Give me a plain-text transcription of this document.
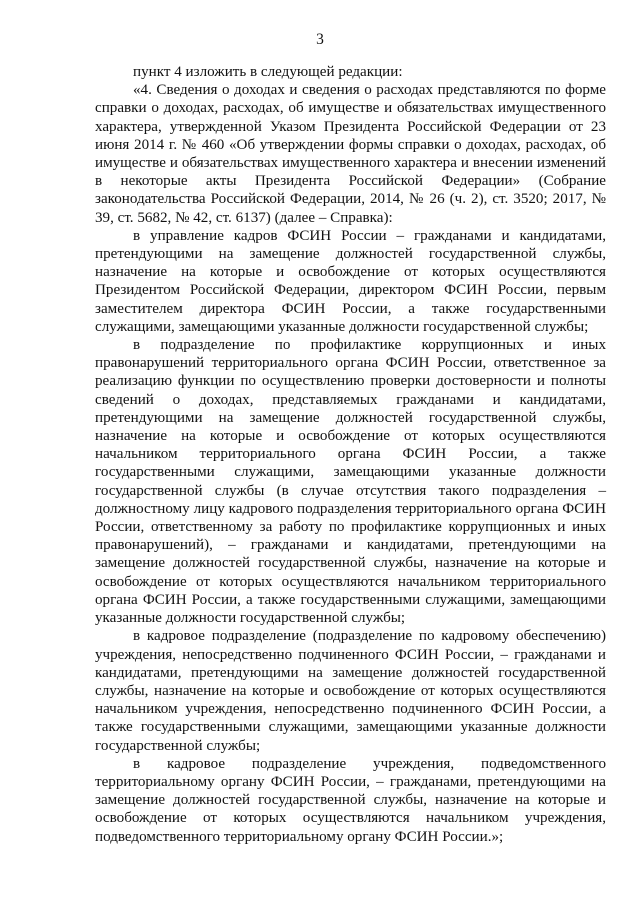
3

пункт 4 изложить в следующей редакции:

«4. Сведения о доходах и сведения о расходах представляются по форме справки о доходах, расходах, об имуществе и обязательствах имущественного характера, утвержденной Указом Президента Российской Федерации от 23 июня 2014 г. № 460 «Об утверждении формы справки о доходах, расходах, об имуществе и обязательствах имущественного характера и внесении изменений в некоторые акты Президента Российской Федерации» (Собрание законодательства Российской Федерации, 2014, № 26 (ч. 2), ст. 3520; 2017, № 39, ст. 5682, № 42, ст. 6137) (далее – Справка):

в управление кадров ФСИН России – гражданами и кандидатами, претендующими на замещение должностей государственной службы, назначение на которые и освобождение от которых осуществляются Президентом Российской Федерации, директором ФСИН России, первым заместителем директора ФСИН России, а также государственными служащими, замещающими указанные должности государственной службы;

в подразделение по профилактике коррупционных и иных правонарушений территориального органа ФСИН России, ответственное за реализацию функции по осуществлению проверки достоверности и полноты сведений о доходах, представляемых гражданами и кандидатами, претендующими на замещение должностей государственной службы, назначение на которые и освобождение от которых осуществляются начальником территориального органа ФСИН России, а также государственными служащими, замещающими указанные должности государственной службы (в случае отсутствия такого подразделения – должностному лицу кадрового подразделения территориального органа ФСИН России, ответственному за работу по профилактике коррупционных и иных правонарушений), – гражданами и кандидатами, претендующими на замещение должностей государственной службы, назначение на которые и освобождение от которых осуществляются начальником территориального органа ФСИН России, а также государственными служащими, замещающими указанные должности государственной службы;

в кадровое подразделение (подразделение по кадровому обеспечению) учреждения, непосредственно подчиненного ФСИН России, – гражданами и кандидатами, претендующими на замещение должностей государственной службы, назначение на которые и освобождение от которых осуществляются начальником учреждения, непосредственно подчиненного ФСИН России, а также государственными служащими, замещающими указанные должности государственной службы;

в кадровое подразделение учреждения, подведомственного территориальному органу ФСИН России, – гражданами, претендующими на замещение должностей государственной службы, назначение на которые и освобождение от которых осуществляются начальником учреждения, подведомственного территориальному органу ФСИН России.»;
